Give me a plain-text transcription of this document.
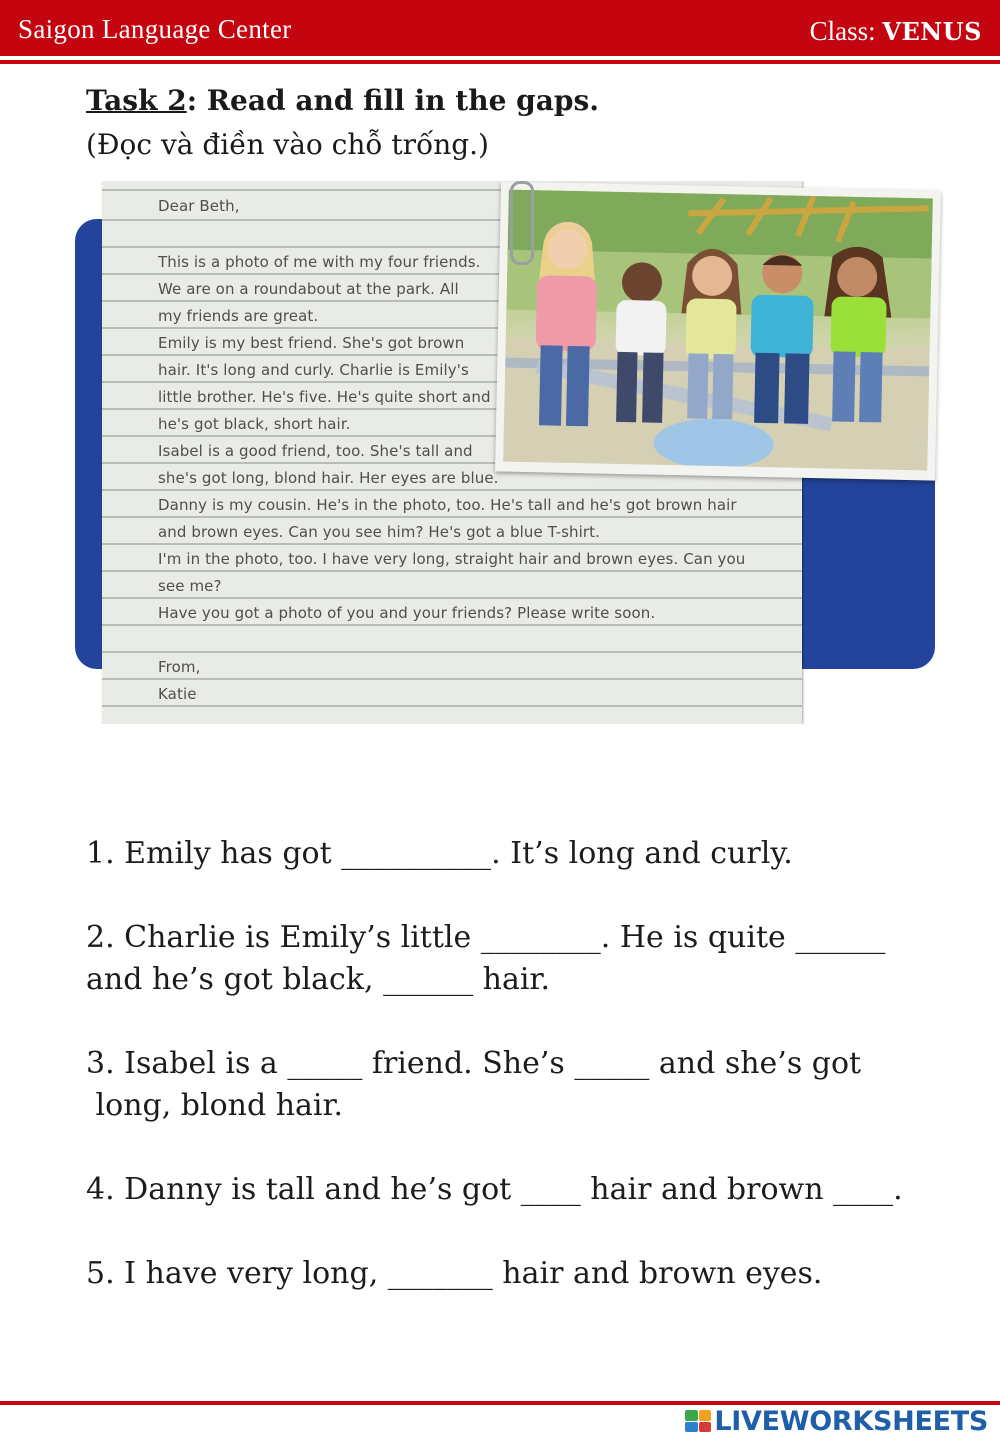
Saigon Language Center	Class: VENUS
Task 2: Read and fill in the gaps.
(Đọc và điền vào chỗ trống.)
Dear Beth,
This is a photo of me with my four friends.
We are on a roundabout at the park. All
my friends are great.
Emily is my best friend. She's got brown
hair. It's long and curly. Charlie is Emily's
little brother. He's five. He's quite short and
he's got black, short hair.
Isabel is a good friend, too. She's tall and
she's got long, blond hair. Her eyes are blue.
Danny is my cousin. He's in the photo, too. He's tall and he's got brown hair
and brown eyes. Can you see him? He's got a blue T-shirt.
I'm in the photo, too. I have very long, straight hair and brown eyes. Can you
see me?
Have you got a photo of you and your friends? Please write soon.
From,
Katie
1. Emily has got __________. It’s long and curly.
2. Charlie is Emily’s little ________. He is quite ______
and he’s got black, ______ hair.
3. Isabel is a _____ friend. She’s _____ and she’s got
long, blond hair.
4. Danny is tall and he’s got ____ hair and brown ____.
5. I have very long, _______ hair and brown eyes.
LIVEWORKSHEETS
